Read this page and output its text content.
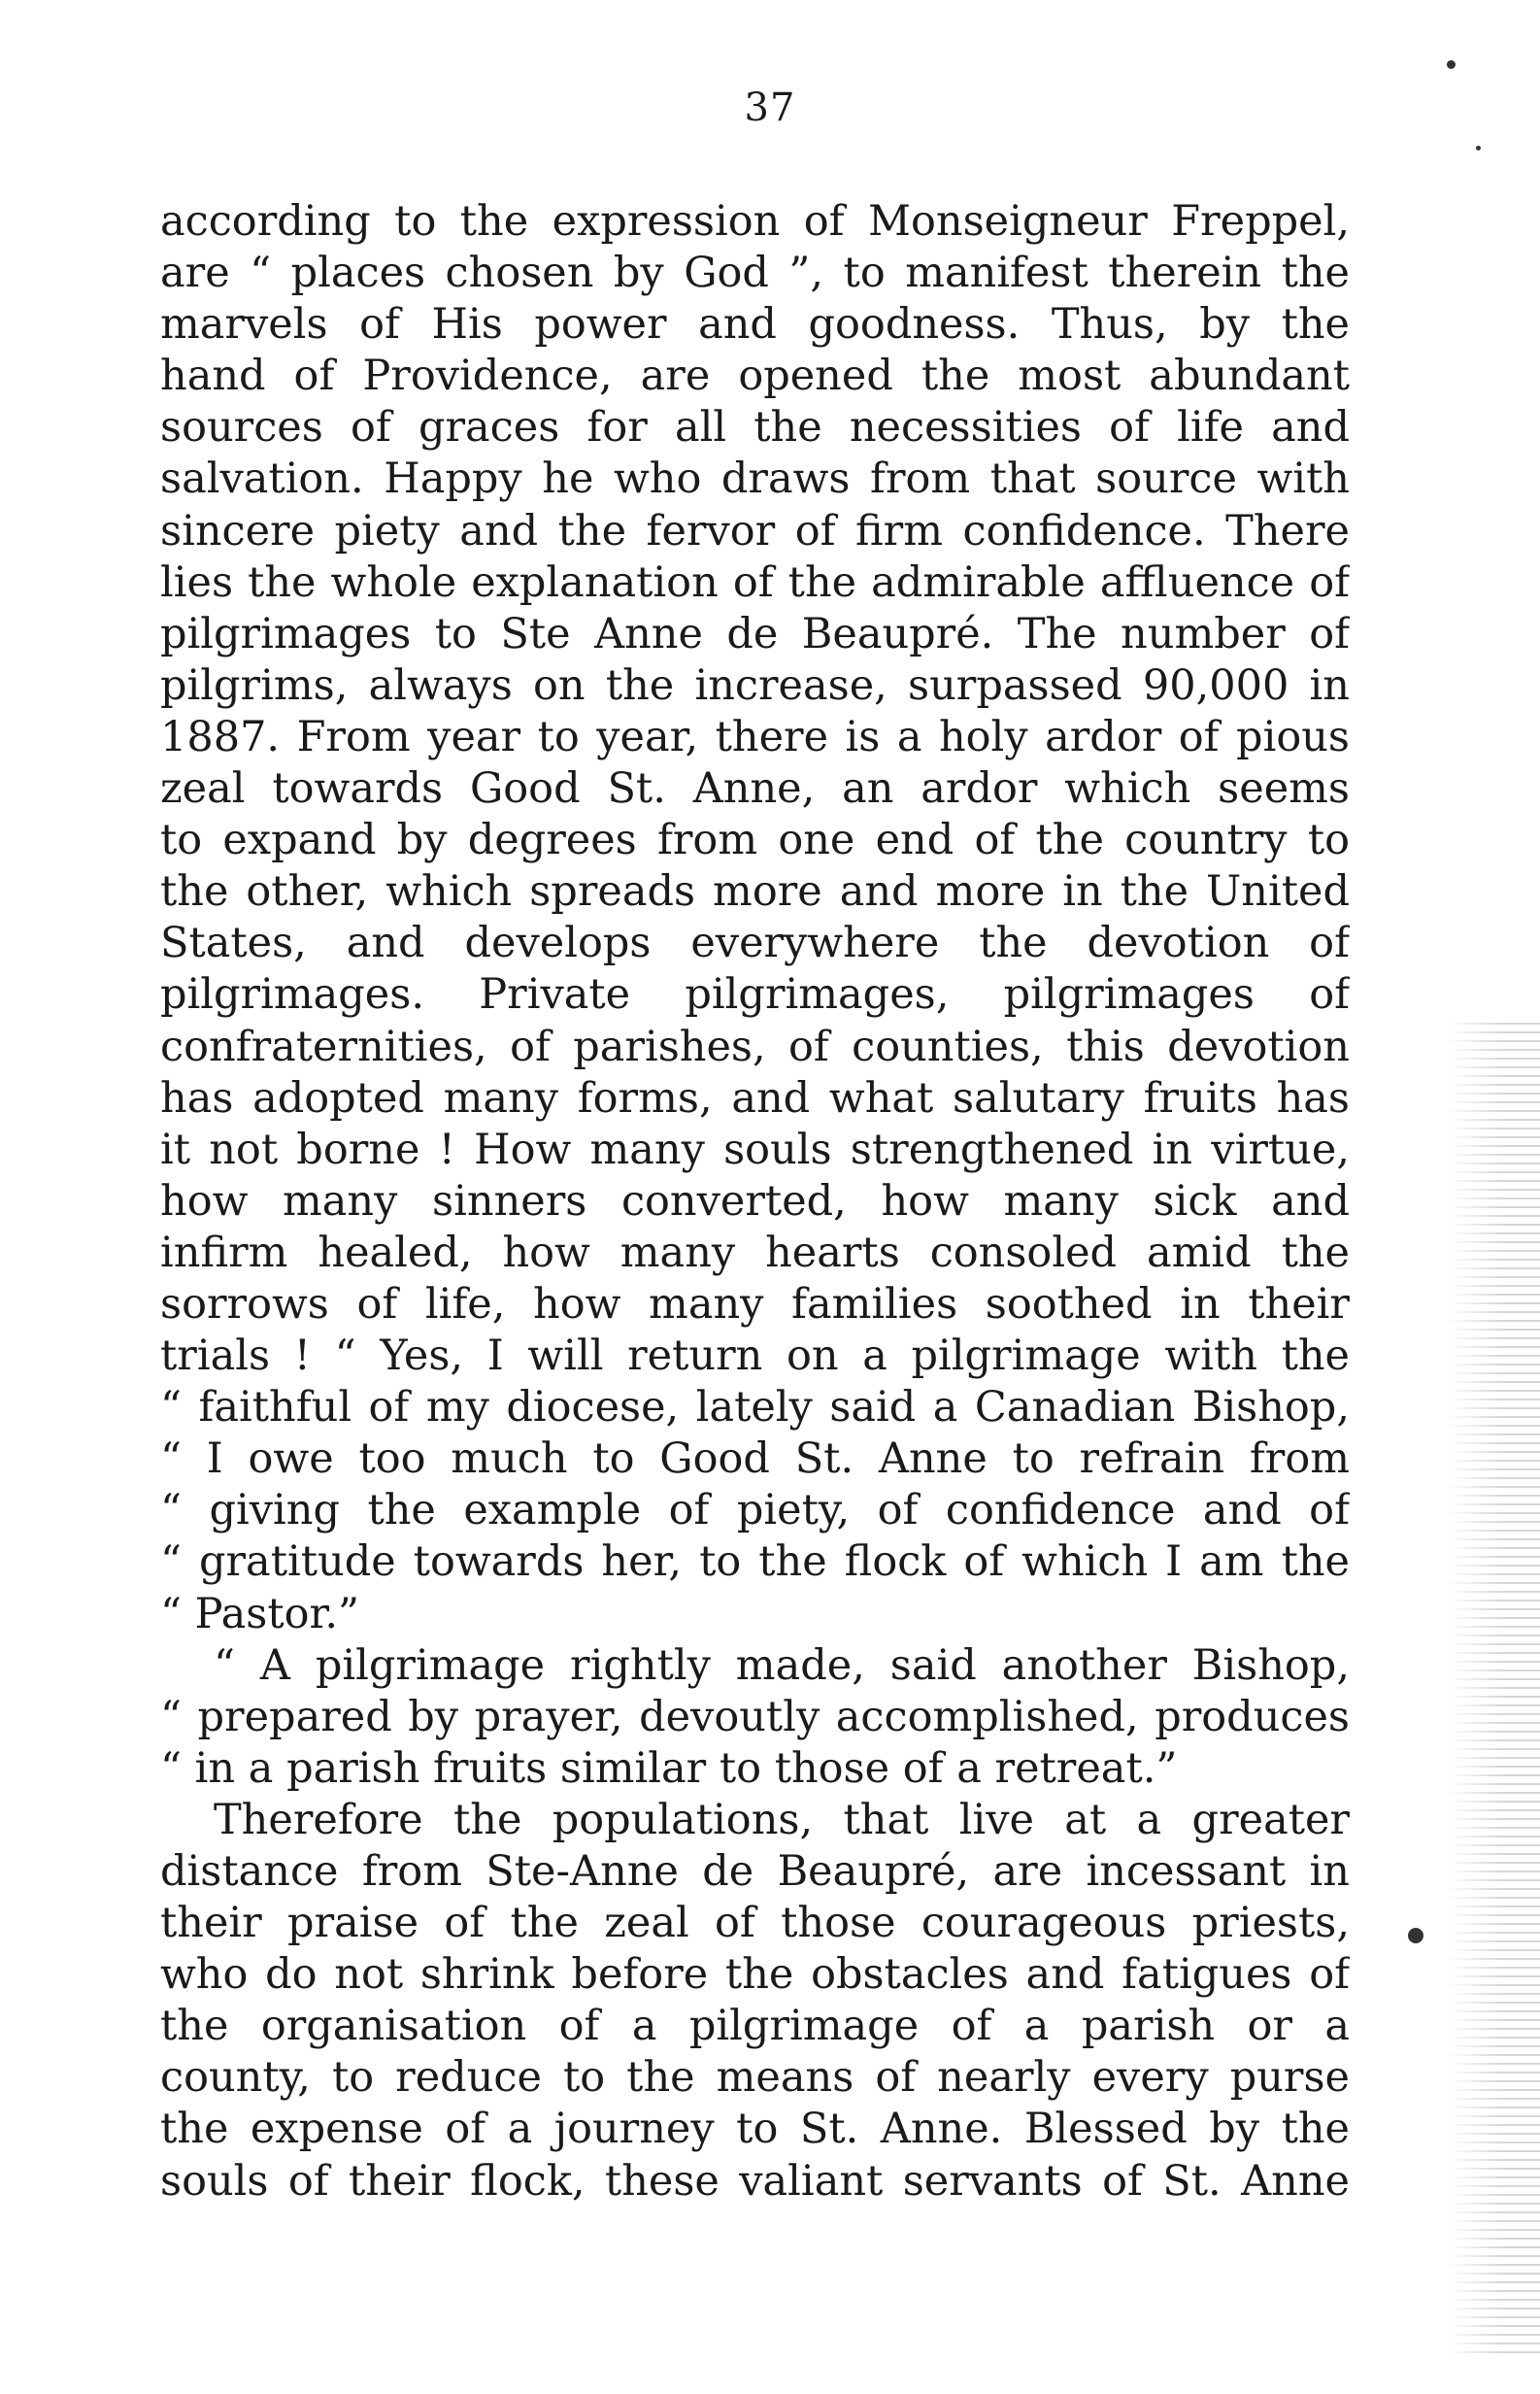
37
according to the expression of Monseigneur Freppel,
are “ places chosen by God ”, to manifest therein the
marvels of His power and goodness. Thus, by the
hand of Providence, are opened the most abundant
sources of graces for all the necessities of life and
salvation. Happy he who draws from that source with
sincere piety and the fervor of firm confidence. There
lies the whole explanation of the admirable affluence of
pilgrimages to Ste Anne de Beaupré. The number of
pilgrims, always on the increase, surpassed 90,000 in
1887. From year to year, there is a holy ardor of pious
zeal towards Good St. Anne, an ardor which seems
to expand by degrees from one end of the country to
the other, which spreads more and more in the United
States, and develops everywhere the devotion of
pilgrimages. Private pilgrimages, pilgrimages of
confraternities, of parishes, of counties, this devotion
has adopted many forms, and what salutary fruits has
it not borne ! How many souls strengthened in virtue,
how many sinners converted, how many sick and
infirm healed, how many hearts consoled amid the
sorrows of life, how many families soothed in their
trials ! “ Yes, I will return on a pilgrimage with the
“ faithful of my diocese, lately said a Canadian Bishop,
“ I owe too much to Good St. Anne to refrain from
“ giving the example of piety, of confidence and of
“ gratitude towards her, to the flock of which I am the
“ Pastor.”
“ A pilgrimage rightly made, said another Bishop,
“ prepared by prayer, devoutly accomplished, produces
“ in a parish fruits similar to those of a retreat.”
Therefore the populations, that live at a greater
distance from Ste-Anne de Beaupré, are incessant in
their praise of the zeal of those courageous priests,
who do not shrink before the obstacles and fatigues of
the organisation of a pilgrimage of a parish or a
county, to reduce to the means of nearly every purse
the expense of a journey to St. Anne. Blessed by the
souls of their flock, these valiant servants of St. Anne
